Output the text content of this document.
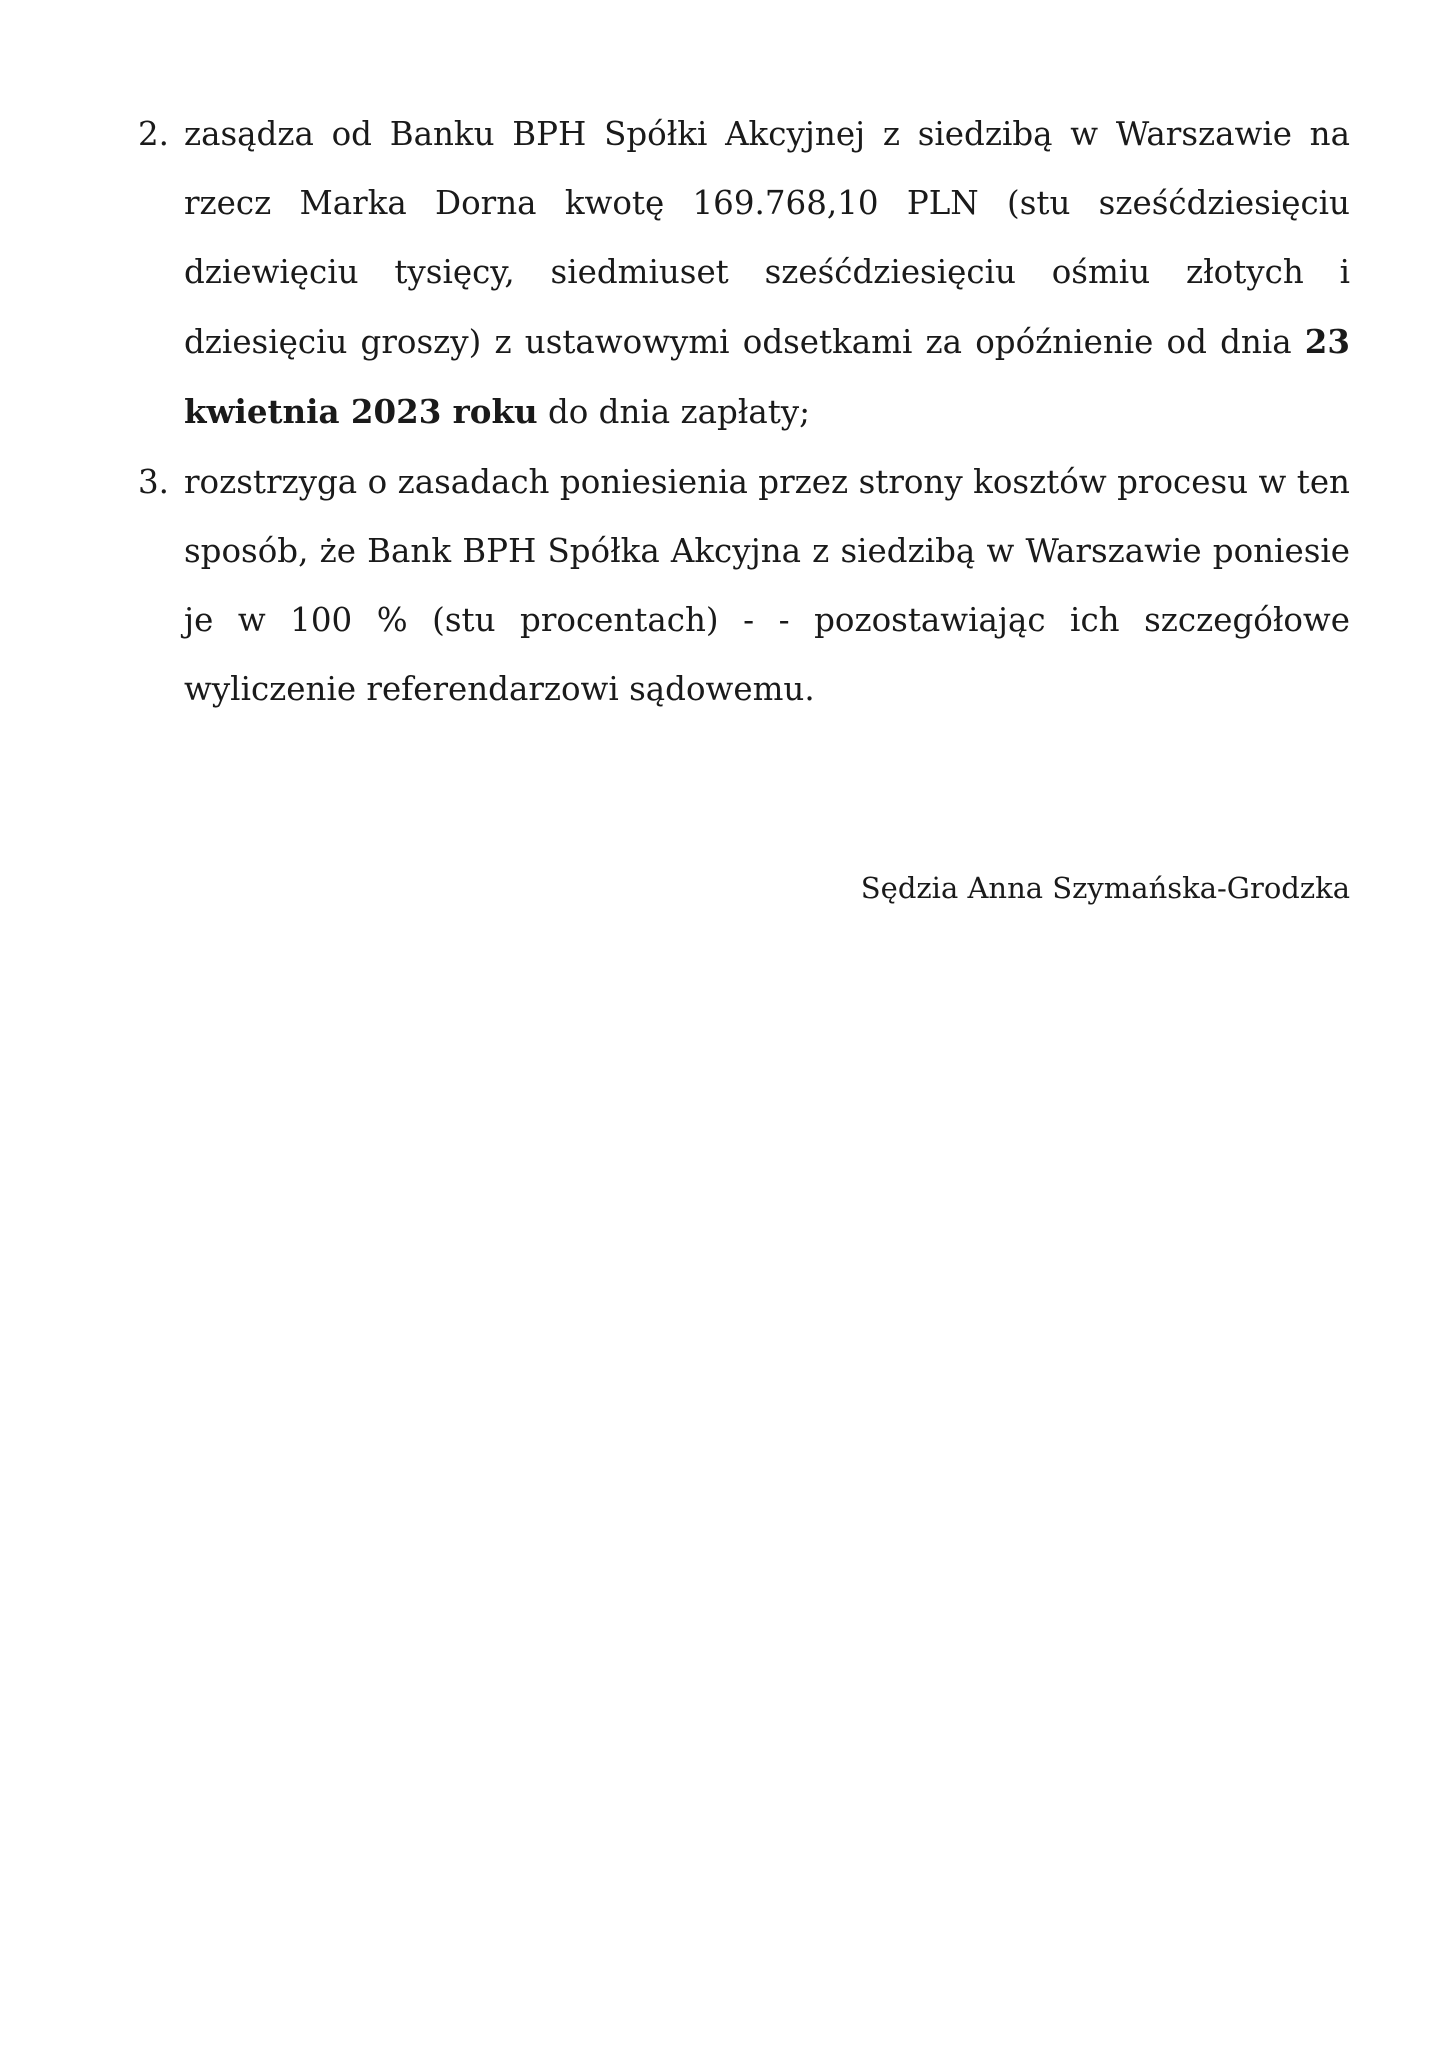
2. zasądza od Banku BPH Spółki Akcyjnej z siedzibą w Warszawie na rzecz Marka Dorna kwotę 169.768,10 PLN (stu sześćdziesięciu dziewięciu tysięcy, siedmiuset sześćdziesięciu ośmiu złotych i dziesięciu groszy) z ustawowymi odsetkami za opóźnienie od dnia 23 kwietnia 2023 roku do dnia zapłaty;
3. rozstrzyga o zasadach poniesienia przez strony kosztów procesu w ten sposób, że Bank BPH Spółka Akcyjna z siedzibą w Warszawie poniesie je w 100 % (stu procentach) - - pozostawiając ich szczegółowe wyliczenie referendarzowi sądowemu.
Sędzia Anna Szymańska-Grodzka
